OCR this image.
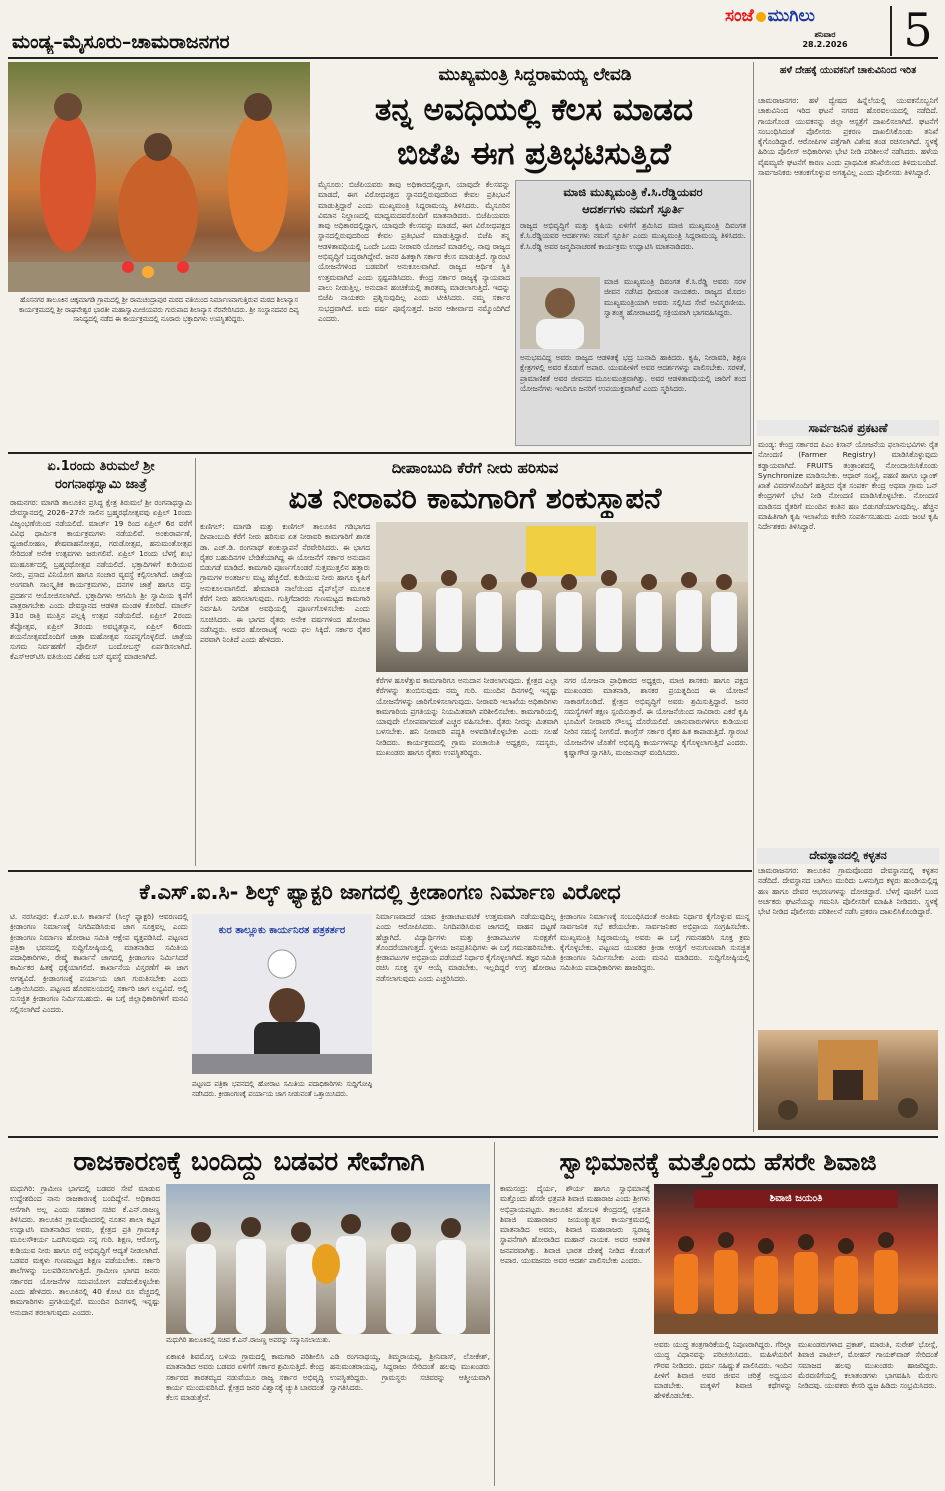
ಮಂಡ್ಯ–ಮೈಸೂರು–ಚಾಮರಾಜನಗರ
ಸಂಜೆ ಮುಗಿಲು
ಶನಿವಾರ
28.2.2026 5
ಹೊಸನಗರ ತಾಲೂಕಿನ ಚಿಕ್ಕಮಾಗಡಿ ಗ್ರಾಮದಲ್ಲಿ ಶ್ರೀ ರಾಮಚಂದ್ರಾಪುರ ಮಠದ ವತಿಯಿಂದ ನಿರ್ಮಾಣವಾಗುತ್ತಿರುವ ಮಠದ ಶಿಲಾನ್ಯಾಸ ಕಾರ್ಯಕ್ರಮದಲ್ಲಿ ಶ್ರೀ ರಾಘವೇಶ್ವರ ಭಾರತೀ ಮಹಾಸ್ವಾಮೀಜಿಯವರು ಗುರುಪಾದ ಶಿಲಾನ್ಯಾಸ ನೆರವೇರಿಸಿದರು. ಶ್ರೀ ಸಂಸ್ಥಾನದವರ ದಿವ್ಯ ಸಾನಿಧ್ಯದಲ್ಲಿ ನಡೆದ ಈ ಕಾರ್ಯಕ್ರಮದಲ್ಲಿ ನೂರಾರು ಭಕ್ತಾದಿಗಳು ಉಪಸ್ಥಿತರಿದ್ದರು.
ಮುಖ್ಯಮಂತ್ರಿ ಸಿದ್ದರಾಮಯ್ಯ ಲೇವಡಿ
ತನ್ನ ಅವಧಿಯಲ್ಲಿ ಕೆಲಸ ಮಾಡದ
ಬಿಜೆಪಿ ಈಗ ಪ್ರತಿಭಟಿಸುತ್ತಿದೆ
ಮೈಸೂರು: ಬಿಜೆಪಿಯವರು ತಾವು ಅಧಿಕಾರದಲ್ಲಿದ್ದಾಗ, ಯಾವುದೇ ಕೆಲಸವನ್ನು ಮಾಡದೆ, ಈಗ ವಿರೋಧಪಕ್ಷದ ಸ್ಥಾನದಲ್ಲಿರುವುದರಿಂದ ಕೇವಲ ಪ್ರತಿಭಟನೆ ಮಾಡುತ್ತಿದ್ದಾರೆ ಎಂದು ಮುಖ್ಯಮಂತ್ರಿ ಸಿದ್ದರಾಮಯ್ಯ ತಿಳಿಸಿದರು. ಮೈಸೂರಿನ ವಿಮಾನ ನಿಲ್ದಾಣದಲ್ಲಿ ಮಾಧ್ಯಮದವರೊಂದಿಗೆ ಮಾತನಾಡಿದರು. ಬಿಜೆಪಿಯವರು ತಾವು ಅಧಿಕಾರದಲ್ಲಿದ್ದಾಗ, ಯಾವುದೇ ಕೆಲಸವನ್ನು ಮಾಡದೆ, ಈಗ ವಿರೋಧಪಕ್ಷದ ಸ್ಥಾನದಲ್ಲಿರುವುದರಿಂದ ಕೇವಲ ಪ್ರತಿಭಟನೆ ಮಾಡುತ್ತಿದ್ದಾರೆ. ಬಿಜೆಪಿ ತನ್ನ ಆಡಳಿತಾವಧಿಯಲ್ಲಿ ಒಂದೇ ಒಂದು ನೀರಾವರಿ ಯೋಜನೆ ಮಾಡಲಿಲ್ಲ. ನಾವು ರಾಜ್ಯದ ಅಭಿವೃದ್ಧಿಗೆ ಬದ್ಧರಾಗಿದ್ದೇವೆ. ಜನರ ಹಿತಕ್ಕಾಗಿ ಸರ್ಕಾರ ಕೆಲಸ ಮಾಡುತ್ತಿದೆ. ಗ್ಯಾರಂಟಿ ಯೋಜನೆಗಳಿಂದ ಬಡವರಿಗೆ ಅನುಕೂಲವಾಗಿದೆ. ರಾಜ್ಯದ ಆರ್ಥಿಕ ಸ್ಥಿತಿ ಉತ್ತಮವಾಗಿದೆ ಎಂದು ಸ್ಪಷ್ಟಪಡಿಸಿದರು. ಕೇಂದ್ರ ಸರ್ಕಾರ ರಾಜ್ಯಕ್ಕೆ ನ್ಯಾಯವಾದ ಪಾಲು ನೀಡುತ್ತಿಲ್ಲ. ಅನುದಾನ ಹಂಚಿಕೆಯಲ್ಲಿ ತಾರತಮ್ಯ ಮಾಡಲಾಗುತ್ತಿದೆ. ಇದನ್ನು ಬಿಜೆಪಿ ನಾಯಕರು ಪ್ರಶ್ನಿಸುವುದಿಲ್ಲ ಎಂದು ಟೀಕಿಸಿದರು. ನಮ್ಮ ಸರ್ಕಾರ ಸುಭದ್ರವಾಗಿದೆ. ಐದು ವರ್ಷ ಪೂರೈಸುತ್ತದೆ. ಜನರ ಆಶೀರ್ವಾದ ನಮ್ಮೊಂದಿಗಿದೆ ಎಂದರು.
ಮಾಜಿ ಮುಖ್ಯಮಂತ್ರಿ ಕೆ.ಸಿ.ರೆಡ್ಡಿಯವರ
ಆದರ್ಶಗಳು ನಮಗೆ ಸ್ಫೂರ್ತಿ
ರಾಜ್ಯದ ಅಭಿವೃದ್ಧಿಗೆ ಮತ್ತು ಕೃಷಿಯ ಏಳಿಗೆಗೆ ಶ್ರಮಿಸಿದ ಮಾಜಿ ಮುಖ್ಯಮಂತ್ರಿ ದಿವಂಗತ ಕೆ.ಸಿ.ರೆಡ್ಡಿಯವರ ಆದರ್ಶಗಳು ನಮಗೆ ಸ್ಫೂರ್ತಿ ಎಂದು ಮುಖ್ಯಮಂತ್ರಿ ಸಿದ್ದರಾಮಯ್ಯ ತಿಳಿಸಿದರು. ಕೆ.ಸಿ.ರೆಡ್ಡಿ ಅವರ ಜನ್ಮದಿನಾಚರಣೆ ಕಾರ್ಯಕ್ರಮ ಉದ್ಘಾಟಿಸಿ ಮಾತನಾಡಿದರು.
ಮಾಜಿ ಮುಖ್ಯಮಂತ್ರಿ ದಿವಂಗತ ಕೆ.ಸಿ.ರೆಡ್ಡಿ ಅವರು ಸರಳ ಜೀವನ ನಡೆಸಿದ ಧೀಮಂತ ನಾಯಕರು. ರಾಜ್ಯದ ಮೊದಲ ಮುಖ್ಯಮಂತ್ರಿಯಾಗಿ ಅವರು ಸಲ್ಲಿಸಿದ ಸೇವೆ ಅವಿಸ್ಮರಣೀಯ. ಸ್ವಾತಂತ್ರ್ಯ ಹೋರಾಟದಲ್ಲಿ ಸಕ್ರಿಯವಾಗಿ ಭಾಗವಹಿಸಿದ್ದರು.
ಅನುಭವವಿದ್ದ ಅವರು ರಾಜ್ಯದ ಆಡಳಿತಕ್ಕೆ ಭದ್ರ ಬುನಾದಿ ಹಾಕಿದರು. ಕೃಷಿ, ನೀರಾವರಿ, ಶಿಕ್ಷಣ ಕ್ಷೇತ್ರಗಳಲ್ಲಿ ಅವರ ಕೊಡುಗೆ ಅಪಾರ. ಯುವಪೀಳಿಗೆ ಅವರ ಆದರ್ಶಗಳನ್ನು ಪಾಲಿಸಬೇಕು. ಸರಳತೆ, ಪ್ರಾಮಾಣಿಕತೆ ಅವರ ಜೀವನದ ಮೂಲಮಂತ್ರವಾಗಿತ್ತು. ಅವರ ಆಡಳಿತಾವಧಿಯಲ್ಲಿ ಜಾರಿಗೆ ತಂದ ಯೋಜನೆಗಳು ಇಂದಿಗೂ ಜನರಿಗೆ ಉಪಯುಕ್ತವಾಗಿವೆ ಎಂದು ಸ್ಮರಿಸಿದರು.
ಹಳೆ ದೇಹಕ್ಕೆ ಯುವಕನಿಗೆ ಚಾಕುವಿನಿಂದ ಇರಿತ
ಚಾಮರಾಜನಗರ: ಹಳೆ ದ್ವೇಷದ ಹಿನ್ನೆಲೆಯಲ್ಲಿ ಯುವಕನೊಬ್ಬನಿಗೆ ಚಾಕುವಿನಿಂದ ಇರಿದ ಘಟನೆ ನಗರದ ಹೊರವಲಯದಲ್ಲಿ ನಡೆದಿದೆ. ಗಾಯಗೊಂಡ ಯುವಕನನ್ನು ಜಿಲ್ಲಾ ಆಸ್ಪತ್ರೆಗೆ ದಾಖಲಿಸಲಾಗಿದೆ. ಘಟನೆಗೆ ಸಂಬಂಧಿಸಿದಂತೆ ಪೊಲೀಸರು ಪ್ರಕರಣ ದಾಖಲಿಸಿಕೊಂಡು ತನಿಖೆ ಕೈಗೊಂಡಿದ್ದಾರೆ. ಆರೋಪಿಗಳ ಪತ್ತೆಗಾಗಿ ವಿಶೇಷ ತಂಡ ರಚಿಸಲಾಗಿದೆ. ಸ್ಥಳಕ್ಕೆ ಹಿರಿಯ ಪೊಲೀಸ್ ಅಧಿಕಾರಿಗಳು ಭೇಟಿ ನೀಡಿ ಪರಿಶೀಲನೆ ನಡೆಸಿದರು. ಹಳೆಯ ವೈಷಮ್ಯವೇ ಘಟನೆಗೆ ಕಾರಣ ಎಂದು ಪ್ರಾಥಮಿಕ ತನಿಖೆಯಿಂದ ತಿಳಿದುಬಂದಿದೆ. ಸಾರ್ವಜನಿಕರು ಆತಂಕಗೊಳ್ಳುವ ಅಗತ್ಯವಿಲ್ಲ ಎಂದು ಪೊಲೀಸರು ತಿಳಿಸಿದ್ದಾರೆ.
ಸಾರ್ವಜನಿಕ ಪ್ರಕಟಣೆ
ಮಂಡ್ಯ: ಕೇಂದ್ರ ಸರ್ಕಾರದ ಪಿಎಂ ಕಿಸಾನ್ ಯೋಜನೆಯ ಫಲಾನುಭವಿಗಳು ರೈತ ನೋಂದಣಿ (Farmer Registry) ಮಾಡಿಸಿಕೊಳ್ಳುವುದು ಕಡ್ಡಾಯವಾಗಿದೆ. FRUITS ತಂತ್ರಾಂಶದಲ್ಲಿ ನೋಂದಾಯಿಸಿಕೊಂಡು Synchronize ಮಾಡಿಸಬೇಕು. ಆಧಾರ್ ಸಂಖ್ಯೆ, ಪಹಣಿ ಹಾಗೂ ಬ್ಯಾಂಕ್ ಖಾತೆ ವಿವರಗಳೊಂದಿಗೆ ಹತ್ತಿರದ ರೈತ ಸಂಪರ್ಕ ಕೇಂದ್ರ ಅಥವಾ ಗ್ರಾಮ ಒನ್ ಕೇಂದ್ರಗಳಿಗೆ ಭೇಟಿ ನೀಡಿ ನೋಂದಣಿ ಮಾಡಿಸಿಕೊಳ್ಳಬೇಕು. ನೋಂದಣಿ ಮಾಡಿಸದ ರೈತರಿಗೆ ಮುಂದಿನ ಕಂತಿನ ಹಣ ಬಿಡುಗಡೆಯಾಗುವುದಿಲ್ಲ. ಹೆಚ್ಚಿನ ಮಾಹಿತಿಗಾಗಿ ಕೃಷಿ ಇಲಾಖೆಯ ಕಚೇರಿ ಸಂಪರ್ಕಿಸಬಹುದು ಎಂದು ಜಂಟಿ ಕೃಷಿ ನಿರ್ದೇಶಕರು ತಿಳಿಸಿದ್ದಾರೆ.
ದೇವಸ್ಥಾನದಲ್ಲಿ ಕಳ್ಳತನ
ಚಾಮರಾಜನಗರ: ತಾಲೂಕಿನ ಗ್ರಾಮವೊಂದರ ದೇವಸ್ಥಾನದಲ್ಲಿ ಕಳ್ಳತನ ನಡೆದಿದೆ. ದೇವಸ್ಥಾನದ ಬಾಗಿಲು ಮುರಿದು ಒಳನುಗ್ಗಿದ ಕಳ್ಳರು ಹುಂಡಿಯಲ್ಲಿದ್ದ ಹಣ ಹಾಗೂ ದೇವರ ಆಭರಣಗಳನ್ನು ದೋಚಿದ್ದಾರೆ. ಬೆಳಗ್ಗೆ ಪೂಜೆಗೆ ಬಂದ ಅರ್ಚಕರು ಘಟನೆಯನ್ನು ಗಮನಿಸಿ ಪೊಲೀಸರಿಗೆ ಮಾಹಿತಿ ನೀಡಿದರು. ಸ್ಥಳಕ್ಕೆ ಭೇಟಿ ನೀಡಿದ ಪೊಲೀಸರು ಪರಿಶೀಲನೆ ನಡೆಸಿ ಪ್ರಕರಣ ದಾಖಲಿಸಿಕೊಂಡಿದ್ದಾರೆ.
ಏ.1ರಂದು ತಿರುಮಲೆ ಶ್ರೀ
ರಂಗನಾಥಸ್ವಾಮಿ ಜಾತ್ರೆ
ರಾಮನಗರ: ಮಾಗಡಿ ತಾಲೂಕಿನ ಪ್ರಸಿದ್ಧ ಕ್ಷೇತ್ರ ತಿರುಮಲೆ ಶ್ರೀ ರಂಗನಾಥಸ್ವಾಮಿ ದೇವಸ್ಥಾನದಲ್ಲಿ 2026–27ನೇ ಸಾಲಿನ ಬ್ರಹ್ಮರಥೋತ್ಸವವು ಏಪ್ರಿಲ್ 1ರಂದು ವಿಜೃಂಭಣೆಯಿಂದ ನಡೆಯಲಿದೆ. ಮಾರ್ಚ್ 19 ರಿಂದ ಏಪ್ರಿಲ್ 6ರ ವರೆಗೆ ವಿವಿಧ ಧಾರ್ಮಿಕ ಕಾರ್ಯಕ್ರಮಗಳು ನಡೆಯಲಿವೆ. ಅಂಕುರಾರ್ಪಣೆ, ಧ್ವಜಾರೋಹಣ, ಶೇಷವಾಹನೋತ್ಸವ, ಗರುಡೋತ್ಸವ, ಹನುಮಂತೋತ್ಸವ ಸೇರಿದಂತೆ ಅನೇಕ ಉತ್ಸವಗಳು ಜರುಗಲಿವೆ. ಏಪ್ರಿಲ್ 1ರಂದು ಬೆಳಗ್ಗೆ ಶುಭ ಮುಹೂರ್ತದಲ್ಲಿ ಬ್ರಹ್ಮರಥೋತ್ಸವ ನಡೆಯಲಿದೆ. ಭಕ್ತಾದಿಗಳಿಗೆ ಕುಡಿಯುವ ನೀರು, ಪ್ರಸಾದ ವಿನಿಯೋಗ ಹಾಗೂ ಸಂಚಾರ ವ್ಯವಸ್ಥೆ ಕಲ್ಪಿಸಲಾಗಿದೆ. ಜಾತ್ರೆಯ ಅಂಗವಾಗಿ ಸಾಂಸ್ಕೃತಿಕ ಕಾರ್ಯಕ್ರಮಗಳು, ದನಗಳ ಜಾತ್ರೆ ಹಾಗೂ ವಸ್ತು ಪ್ರದರ್ಶನ ಆಯೋಜಿಸಲಾಗಿದೆ. ಭಕ್ತಾದಿಗಳು ಆಗಮಿಸಿ ಶ್ರೀ ಸ್ವಾಮಿಯ ಕೃಪೆಗೆ ಪಾತ್ರರಾಗಬೇಕು ಎಂದು ದೇವಸ್ಥಾನದ ಆಡಳಿತ ಮಂಡಳಿ ಕೋರಿದೆ. ಮಾರ್ಚ್ 31ರ ರಾತ್ರಿ ಮುತ್ತಿನ ಪಲ್ಲಕ್ಕಿ ಉತ್ಸವ ನಡೆಯಲಿದೆ. ಏಪ್ರಿಲ್ 2ರಂದು ತೆಪ್ಪೋತ್ಸವ, ಏಪ್ರಿಲ್ 3ರಂದು ಅವಭೃತಸ್ನಾನ, ಏಪ್ರಿಲ್ 6ರಂದು ಶಯನೋತ್ಸವದೊಂದಿಗೆ ಜಾತ್ರಾ ಮಹೋತ್ಸವ ಸಂಪನ್ನಗೊಳ್ಳಲಿದೆ. ಜಾತ್ರೆಯ ಸುಗಮ ನಿರ್ವಹಣೆಗೆ ಪೊಲೀಸ್ ಬಂದೋಬಸ್ತ್ ಏರ್ಪಡಿಸಲಾಗಿದೆ. ಕೆಎಸ್‌ಆರ್‌ಟಿಸಿ ವತಿಯಿಂದ ವಿಶೇಷ ಬಸ್ ವ್ಯವಸ್ಥೆ ಮಾಡಲಾಗಿದೆ.
ದೀಪಾಂಬುದಿ ಕೆರೆಗೆ ನೀರು ಹರಿಸುವ
ಏತ ನೀರಾವರಿ ಕಾಮಗಾರಿಗೆ ಶಂಕುಸ್ಥಾಪನೆ
ಕುಣಿಗಲ್: ಮಾಗಡಿ ಮತ್ತು ಕುಣಿಗಲ್ ತಾಲೂಕಿನ ಗಡಿಭಾಗದ ದೀಪಾಂಬುದಿ ಕೆರೆಗೆ ನೀರು ಹರಿಸುವ ಏತ ನೀರಾವರಿ ಕಾಮಗಾರಿಗೆ ಶಾಸಕ ಡಾ. ಎಚ್.ಡಿ. ರಂಗನಾಥ್ ಶಂಕುಸ್ಥಾಪನೆ ನೆರವೇರಿಸಿದರು. ಈ ಭಾಗದ ರೈತರ ಬಹುದಿನಗಳ ಬೇಡಿಕೆಯಾಗಿದ್ದ ಈ ಯೋಜನೆಗೆ ಸರ್ಕಾರ ಅನುದಾನ ಬಿಡುಗಡೆ ಮಾಡಿದೆ. ಕಾಮಗಾರಿ ಪೂರ್ಣಗೊಂಡರೆ ಸುತ್ತಮುತ್ತಲಿನ ಹತ್ತಾರು ಗ್ರಾಮಗಳ ಅಂತರ್ಜಲ ಮಟ್ಟ ಹೆಚ್ಚಲಿದೆ. ಕುಡಿಯುವ ನೀರು ಹಾಗೂ ಕೃಷಿಗೆ ಅನುಕೂಲವಾಗಲಿದೆ. ಹೇಮಾವತಿ ನಾಲೆಯಿಂದ ಪೈಪ್‌ಲೈನ್ ಮೂಲಕ ಕೆರೆಗೆ ನೀರು ಹರಿಸಲಾಗುವುದು. ಗುತ್ತಿಗೆದಾರರು ಗುಣಮಟ್ಟದ ಕಾಮಗಾರಿ ನಿರ್ವಹಿಸಿ ನಿಗದಿತ ಅವಧಿಯಲ್ಲಿ ಪೂರ್ಣಗೊಳಿಸಬೇಕು ಎಂದು ಸೂಚಿಸಿದರು. ಈ ಭಾಗದ ರೈತರು ಅನೇಕ ವರ್ಷಗಳಿಂದ ಹೋರಾಟ ನಡೆಸಿದ್ದರು. ಅವರ ಹೋರಾಟಕ್ಕೆ ಇಂದು ಫಲ ಸಿಕ್ಕಿದೆ. ಸರ್ಕಾರ ರೈತರ ಪರವಾಗಿ ನಿಂತಿದೆ ಎಂದು ಹೇಳಿದರು.
ಕೆರೆಗಳ ಹೂಳೆತ್ತುವ ಕಾಮಗಾರಿಗೂ ಅನುದಾನ ನೀಡಲಾಗುವುದು. ಕ್ಷೇತ್ರದ ಎಲ್ಲಾ ಕೆರೆಗಳನ್ನು ತುಂಬಿಸುವುದು ನಮ್ಮ ಗುರಿ. ಮುಂದಿನ ದಿನಗಳಲ್ಲಿ ಇನ್ನಷ್ಟು ಯೋಜನೆಗಳನ್ನು ಜಾರಿಗೊಳಿಸಲಾಗುವುದು. ನೀರಾವರಿ ಇಲಾಖೆಯ ಅಧಿಕಾರಿಗಳು ಕಾಮಗಾರಿಯ ಪ್ರಗತಿಯನ್ನು ನಿಯಮಿತವಾಗಿ ಪರಿಶೀಲಿಸಬೇಕು. ಕಾಮಗಾರಿಯಲ್ಲಿ ಯಾವುದೇ ಲೋಪವಾಗದಂತೆ ಎಚ್ಚರ ವಹಿಸಬೇಕು. ರೈತರು ನೀರನ್ನು ಮಿತವಾಗಿ ಬಳಸಬೇಕು. ಹನಿ ನೀರಾವರಿ ಪದ್ಧತಿ ಅಳವಡಿಸಿಕೊಳ್ಳಬೇಕು ಎಂದು ಸಲಹೆ ನೀಡಿದರು. ಕಾರ್ಯಕ್ರಮದಲ್ಲಿ ಗ್ರಾಮ ಪಂಚಾಯಿತಿ ಅಧ್ಯಕ್ಷರು, ಸದಸ್ಯರು, ಮುಖಂಡರು ಹಾಗೂ ರೈತರು ಉಪಸ್ಥಿತರಿದ್ದರು.
ನಗರ ಯೋಜನಾ ಪ್ರಾಧಿಕಾರದ ಅಧ್ಯಕ್ಷರು, ಮಾಜಿ ಶಾಸಕರು ಹಾಗೂ ಪಕ್ಷದ ಮುಖಂಡರು ಮಾತನಾಡಿ, ಶಾಸಕರ ಪ್ರಯತ್ನದಿಂದ ಈ ಯೋಜನೆ ಸಾಕಾರಗೊಂಡಿದೆ. ಕ್ಷೇತ್ರದ ಅಭಿವೃದ್ಧಿಗೆ ಅವರು ಶ್ರಮಿಸುತ್ತಿದ್ದಾರೆ. ಜನರ ಸಮಸ್ಯೆಗಳಿಗೆ ತಕ್ಷಣ ಸ್ಪಂದಿಸುತ್ತಾರೆ. ಈ ಯೋಜನೆಯಿಂದ ಸಾವಿರಾರು ಎಕರೆ ಕೃಷಿ ಭೂಮಿಗೆ ನೀರಾವರಿ ಸೌಲಭ್ಯ ದೊರೆಯಲಿದೆ. ಜಾನುವಾರುಗಳಿಗೂ ಕುಡಿಯುವ ನೀರಿನ ಸಮಸ್ಯೆ ನೀಗಲಿದೆ. ಕಾಂಗ್ರೆಸ್ ಸರ್ಕಾರ ರೈತರ ಹಿತ ಕಾಪಾಡುತ್ತಿದೆ. ಗ್ಯಾರಂಟಿ ಯೋಜನೆಗಳ ಜೊತೆಗೆ ಅಭಿವೃದ್ಧಿ ಕಾರ್ಯಗಳನ್ನೂ ಕೈಗೊಳ್ಳಲಾಗುತ್ತಿದೆ ಎಂದರು. ಕೃಷ್ಣಾಗೌಡ ಸ್ವಾಗತಿಸಿ, ಮಂಜುನಾಥ್ ವಂದಿಸಿದರು.
ಕೆ.ಎಸ್.ಐ.ಸಿ- ಶಿಲ್ಕ್ ಫ್ಯಾಕ್ಟರಿ ಜಾಗದಲ್ಲಿ ಕ್ರೀಡಾಂಗಣ ನಿರ್ಮಾಣ ವಿರೋಧ
ಟಿ. ನರಸೀಪುರ: ಕೆ.ಎಸ್.ಐ.ಸಿ ಕಾರ್ಖಾನೆ (ಸಿಲ್ಕ್ ಫ್ಯಾಕ್ಟರಿ) ಆವರಣದಲ್ಲಿ ಕ್ರೀಡಾಂಗಣ ನಿರ್ಮಾಣಕ್ಕೆ ನಿಗದಿಪಡಿಸಿರುವ ಜಾಗ ಸೂಕ್ತವಲ್ಲ ಎಂದು ಕ್ರೀಡಾಂಗಣ ನಿರ್ಮಾಣ ಹೋರಾಟ ಸಮಿತಿ ಆಕ್ಷೇಪ ವ್ಯಕ್ತಪಡಿಸಿದೆ. ಪಟ್ಟಣದ ಪತ್ರಿಕಾ ಭವನದಲ್ಲಿ ಸುದ್ದಿಗೋಷ್ಠಿಯಲ್ಲಿ ಮಾತನಾಡಿದ ಸಮಿತಿಯ ಪದಾಧಿಕಾರಿಗಳು, ರೇಷ್ಮೆ ಕಾರ್ಖಾನೆ ಜಾಗದಲ್ಲಿ ಕ್ರೀಡಾಂಗಣ ನಿರ್ಮಿಸಿದರೆ ಕಾರ್ಮಿಕರ ಹಿತಕ್ಕೆ ಧಕ್ಕೆಯಾಗಲಿದೆ. ಕಾರ್ಖಾನೆಯ ವಿಸ್ತರಣೆಗೆ ಈ ಜಾಗ ಅಗತ್ಯವಿದೆ. ಕ್ರೀಡಾಂಗಣಕ್ಕೆ ಪರ್ಯಾಯ ಜಾಗ ಗುರುತಿಸಬೇಕು ಎಂದು ಒತ್ತಾಯಿಸಿದರು. ಪಟ್ಟಣದ ಹೊರವಲಯದಲ್ಲಿ ಸರ್ಕಾರಿ ಜಾಗ ಲಭ್ಯವಿದೆ. ಅಲ್ಲಿ ಸುಸಜ್ಜಿತ ಕ್ರೀಡಾಂಗಣ ನಿರ್ಮಿಸಬಹುದು. ಈ ಬಗ್ಗೆ ಜಿಲ್ಲಾಧಿಕಾರಿಗಳಿಗೆ ಮನವಿ ಸಲ್ಲಿಸಲಾಗಿದೆ ಎಂದರು.
ಕುರ ತಾಲ್ಲೂಕು ಕಾರ್ಯನಿರತ ಪತ್ರಕರ್ತರ
ಪಟ್ಟಣದ ಪತ್ರಿಕಾ ಭವನದಲ್ಲಿ ಹೋರಾಟ ಸಮಿತಿಯ ಪದಾಧಿಕಾರಿಗಳು ಸುದ್ದಿಗೋಷ್ಠಿ ನಡೆಸಿದರು. ಕ್ರೀಡಾಂಗಣಕ್ಕೆ ಪರ್ಯಾಯ ಜಾಗ ನೀಡುವಂತೆ ಒತ್ತಾಯಿಸಿದರು.
ನಿರ್ಮಾಣವಾದರೆ ಯಾವ ಕ್ರೀಡಾಚಟುವಟಿಕೆ ಉತ್ತಮವಾಗಿ ನಡೆಯುವುದಿಲ್ಲ ಎಂದು ಆರೋಪಿಸಿದರು. ನಿಗದಿಪಡಿಸಿರುವ ಜಾಗದಲ್ಲಿ ವಾಹನ ದಟ್ಟಣೆ ಹೆಚ್ಚಾಗಿದೆ. ವಿದ್ಯಾರ್ಥಿಗಳು ಮತ್ತು ಕ್ರೀಡಾಪಟುಗಳ ಸುರಕ್ಷತೆಗೆ ತೊಂದರೆಯಾಗುತ್ತದೆ. ಸ್ಥಳೀಯ ಜನಪ್ರತಿನಿಧಿಗಳು ಈ ಬಗ್ಗೆ ಗಮನಹರಿಸಬೇಕು. ಕ್ರೀಡಾಪಟುಗಳ ಅಭಿಪ್ರಾಯ ಪಡೆಯದೆ ನಿರ್ಧಾರ ಕೈಗೊಳ್ಳಲಾಗಿದೆ. ತಜ್ಞರ ಸಮಿತಿ ರಚಿಸಿ ಸೂಕ್ತ ಸ್ಥಳ ಆಯ್ಕೆ ಮಾಡಬೇಕು. ಇಲ್ಲದಿದ್ದರೆ ಉಗ್ರ ಹೋರಾಟ ನಡೆಸಲಾಗುವುದು ಎಂದು ಎಚ್ಚರಿಸಿದರು.
ಕ್ರೀಡಾಂಗಣ ನಿರ್ಮಾಣಕ್ಕೆ ಸಂಬಂಧಿಸಿದಂತೆ ಅಂತಿಮ ನಿರ್ಧಾರ ಕೈಗೊಳ್ಳುವ ಮುನ್ನ ಸಾರ್ವಜನಿಕ ಸಭೆ ಕರೆಯಬೇಕು. ಸಾರ್ವಜನಿಕರ ಅಭಿಪ್ರಾಯ ಸಂಗ್ರಹಿಸಬೇಕು. ಮುಖ್ಯಮಂತ್ರಿ ಸಿದ್ದರಾಮಯ್ಯ ಅವರು ಈ ಬಗ್ಗೆ ಗಮನಹರಿಸಿ ಸೂಕ್ತ ಕ್ರಮ ಕೈಗೊಳ್ಳಬೇಕು. ಪಟ್ಟಣದ ಯುವಕರ ಕ್ರೀಡಾ ಆಸಕ್ತಿಗೆ ಅನುಗುಣವಾಗಿ ಸುಸಜ್ಜಿತ ಕ್ರೀಡಾಂಗಣ ನಿರ್ಮಿಸಬೇಕು ಎಂದು ಮನವಿ ಮಾಡಿದರು. ಸುದ್ದಿಗೋಷ್ಠಿಯಲ್ಲಿ ಸಮಿತಿಯ ಪದಾಧಿಕಾರಿಗಳು ಹಾಜರಿದ್ದರು.
ರಾಜಕಾರಣಕ್ಕೆ ಬಂದಿದ್ದು ಬಡವರ ಸೇವೆಗಾಗಿ
ಮಧುಗಿರಿ: ಗ್ರಾಮೀಣ ಭಾಗದಲ್ಲಿ ಬಡವರ ಸೇವೆ ಮಾಡುವ ಉದ್ದೇಶದಿಂದ ನಾನು ರಾಜಕಾರಣಕ್ಕೆ ಬಂದಿದ್ದೇನೆ. ಅಧಿಕಾರದ ಆಸೆಗಾಗಿ ಅಲ್ಲ ಎಂದು ಸಹಕಾರ ಸಚಿವ ಕೆ.ಎನ್.ರಾಜಣ್ಣ ತಿಳಿಸಿದರು. ತಾಲೂಕಿನ ಗ್ರಾಮವೊಂದರಲ್ಲಿ ನೂತನ ಶಾಲಾ ಕಟ್ಟಡ ಉದ್ಘಾಟಿಸಿ ಮಾತನಾಡಿದ ಅವರು, ಕ್ಷೇತ್ರದ ಪ್ರತಿ ಗ್ರಾಮಕ್ಕೂ ಮೂಲಸೌಕರ್ಯ ಒದಗಿಸುವುದು ನನ್ನ ಗುರಿ. ಶಿಕ್ಷಣ, ಆರೋಗ್ಯ, ಕುಡಿಯುವ ನೀರು ಹಾಗೂ ರಸ್ತೆ ಅಭಿವೃದ್ಧಿಗೆ ಆದ್ಯತೆ ನೀಡಲಾಗಿದೆ. ಬಡವರ ಮಕ್ಕಳು ಗುಣಮಟ್ಟದ ಶಿಕ್ಷಣ ಪಡೆಯಬೇಕು. ಸರ್ಕಾರಿ ಶಾಲೆಗಳನ್ನು ಬಲಪಡಿಸಲಾಗುತ್ತಿದೆ. ಗ್ರಾಮೀಣ ಭಾಗದ ಜನರು ಸರ್ಕಾರದ ಯೋಜನೆಗಳ ಸದುಪಯೋಗ ಪಡೆದುಕೊಳ್ಳಬೇಕು ಎಂದು ಹೇಳಿದರು. ತಾಲೂಕಿನಲ್ಲಿ 40 ಕೋಟಿ ರೂ ವೆಚ್ಚದಲ್ಲಿ ಕಾಮಗಾರಿಗಳು ಪ್ರಗತಿಯಲ್ಲಿವೆ. ಮುಂದಿನ ದಿನಗಳಲ್ಲಿ ಇನ್ನಷ್ಟು ಅನುದಾನ ತರಲಾಗುವುದು ಎಂದರು.
ಮಧುಗಿರಿ ತಾಲೂಕಿನಲ್ಲಿ ಸಚಿವ ಕೆ.ಎನ್.ರಾಜಣ್ಣ ಅವರನ್ನು ಸನ್ಮಾನಿಸಲಾಯಿತು.
ಏಕಾಏಕಿ ಶಿವಮೊಗ್ಗ ಬಳಿಯ ಗ್ರಾಮದಲ್ಲಿ ಕಾಮಗಾರಿ ಪರಿಶೀಲಿಸಿ ಮಾತನಾಡಿದ ಅವರು ಬಡವರ ಏಳಿಗೆಗೆ ಸರ್ಕಾರ ಶ್ರಮಿಸುತ್ತಿದೆ. ಕೇಂದ್ರ ಸರ್ಕಾರದ ತಾರತಮ್ಯದ ನಡುವೆಯೂ ರಾಜ್ಯ ಸರ್ಕಾರ ಅಭಿವೃದ್ಧಿ ಕಾರ್ಯ ಮುಂದುವರಿಸಿದೆ. ಕ್ಷೇತ್ರದ ಜನರ ವಿಶ್ವಾಸಕ್ಕೆ ಚ್ಯುತಿ ಬಾರದಂತೆ ಕೆಲಸ ಮಾಡುತ್ತೇನೆ.
ಎಡಿ ರಂಗನಾಥಯ್ಯ, ತಿಮ್ಮರಾಯಪ್ಪ, ಶ್ರೀನಿವಾಸ್, ಲೋಕೇಶ್, ಹನುಮಂತರಾಯಪ್ಪ, ಸಿದ್ದರಾಜು ಸೇರಿದಂತೆ ಹಲವು ಮುಖಂಡರು ಉಪಸ್ಥಿತರಿದ್ದರು. ಗ್ರಾಮಸ್ಥರು ಸಚಿವರನ್ನು ಆತ್ಮೀಯವಾಗಿ ಸ್ವಾಗತಿಸಿದರು.
ಸ್ವಾಭಿಮಾನಕ್ಕೆ ಮತ್ತೊಂದು ಹೆಸರೇ ಶಿವಾಜಿ
ಕಾಮಸಂದ್ರ: ದೈರ್ಯ, ಶೌರ್ಯ ಹಾಗೂ ಸ್ವಾಭಿಮಾನಕ್ಕೆ ಮತ್ತೊಂದು ಹೆಸರೇ ಛತ್ರಪತಿ ಶಿವಾಜಿ ಮಹಾರಾಜ ಎಂದು ಶ್ರೀಗಳು ಅಭಿಪ್ರಾಯಪಟ್ಟರು. ತಾಲೂಕಿನ ಹೋಬಳಿ ಕೇಂದ್ರದಲ್ಲಿ ಛತ್ರಪತಿ ಶಿವಾಜಿ ಮಹಾರಾಜರ ಜಯಂತ್ಯುತ್ಸವ ಕಾರ್ಯಕ್ರಮದಲ್ಲಿ ಮಾತನಾಡಿದ ಅವರು, ಶಿವಾಜಿ ಮಹಾರಾಜರು ಸ್ವರಾಜ್ಯ ಸ್ಥಾಪನೆಗಾಗಿ ಹೋರಾಡಿದ ಮಹಾನ್ ನಾಯಕ. ಅವರ ಆಡಳಿತ ಜನಪರವಾಗಿತ್ತು. ಶಿವಾಜಿ ಭಾರತ ದೇಶಕ್ಕೆ ನೀಡಿದ ಕೊಡುಗೆ ಅಪಾರ. ಯುವಜನರು ಅವರ ಆದರ್ಶ ಪಾಲಿಸಬೇಕು ಎಂದರು.
ಶಿವಾಜಿ ಜಯಂತಿ
ಅವರು ಯುದ್ಧ ತಂತ್ರಗಾರಿಕೆಯಲ್ಲಿ ನಿಪುಣರಾಗಿದ್ದರು. ಗೆರಿಲ್ಲಾ ಯುದ್ಧ ವಿಧಾನವನ್ನು ಪರಿಚಯಿಸಿದರು. ಮಹಿಳೆಯರಿಗೆ ಗೌರವ ನೀಡಿದರು. ಧರ್ಮ ಸಹಿಷ್ಣುತೆ ಪಾಲಿಸಿದರು. ಇಂದಿನ ಪೀಳಿಗೆ ಶಿವಾಜಿ ಅವರ ಜೀವನ ಚರಿತ್ರೆ ಅಧ್ಯಯನ ಮಾಡಬೇಕು. ಮಕ್ಕಳಿಗೆ ಶಿವಾಜಿ ಕಥೆಗಳನ್ನು ಹೇಳಿಕೊಡಬೇಕು.
ಮುಖಂಡರುಗಳಾದ ಪ್ರಕಾಶ್, ಮಾರುತಿ, ಸುರೇಶ್ ಭೋಸ್ಲೆ, ಶಿವಾಜಿ ಪಾಟೀಲ್, ಮೋಹನ್ ಗಾಯಕ್‌ವಾಡ್ ಸೇರಿದಂತೆ ಸಮಾಜದ ಹಲವು ಮುಖಂಡರು ಹಾಜರಿದ್ದರು. ಮೆರವಣಿಗೆಯಲ್ಲಿ ಕಲಾತಂಡಗಳು ಭಾಗವಹಿಸಿ ಮೆರುಗು ನೀಡಿದವು. ಯುವಕರು ಕೇಸರಿ ಧ್ವಜ ಹಿಡಿದು ಸಂಭ್ರಮಿಸಿದರು.
